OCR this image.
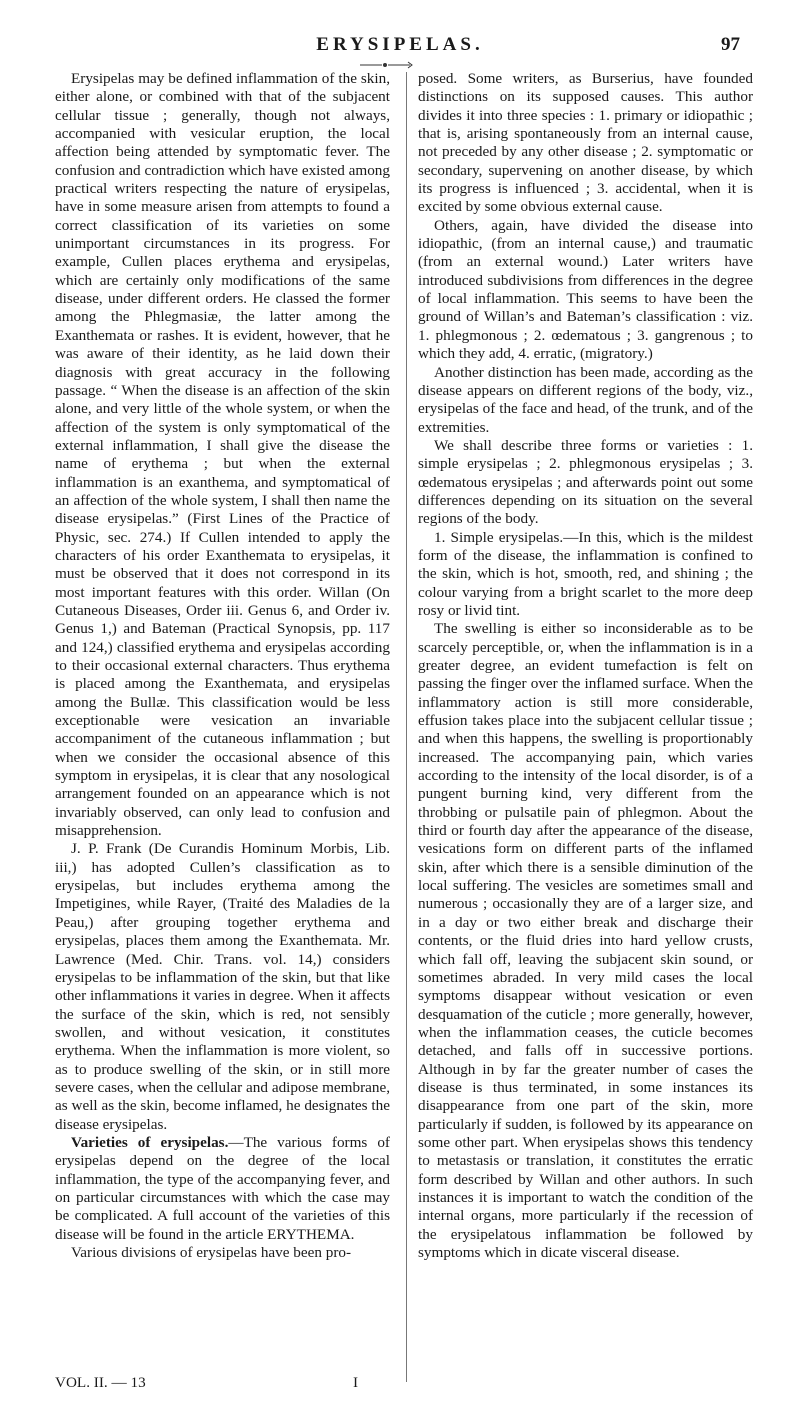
ERYSIPELAS.	97

Erysipelas may be defined inflammation of the skin, either alone, or combined with that of the subjacent cellular tissue ; generally, though not always, accompanied with vesicular eruption, the local affection being attended by symptomatic fever. The confusion and contradiction which have existed among practical writers respecting the nature of erysipelas, have in some measure arisen from attempts to found a correct classification of its varieties on some unimportant circumstances in its progress. For example, Cullen places erythema and erysipelas, which are certainly only modifications of the same disease, under different orders. He classed the former among the Phlegmasiæ, the latter among the Exanthemata or rashes. It is evident, however, that he was aware of their identity, as he laid down their diagnosis with great accuracy in the following passage. “ When the disease is an affection of the skin alone, and very little of the whole system, or when the affection of the system is only symptomatical of the external inflammation, I shall give the disease the name of erythema ; but when the external inflammation is an exanthema, and symptomatical of an affection of the whole system, I shall then name the disease erysipelas.” (First Lines of the Practice of Physic, sec. 274.) If Cullen intended to apply the characters of his order Exanthemata to erysipelas, it must be observed that it does not correspond in its most important features with this order. Willan (On Cutaneous Diseases, Order iii. Genus 6, and Order iv. Genus 1,) and Bateman (Practical Synopsis, pp. 117 and 124,) classified erythema and erysipelas according to their occasional external characters. Thus erythema is placed among the Exanthemata, and erysipelas among the Bullæ. This classification would be less exceptionable were vesication an invariable accompaniment of the cutaneous inflammation ; but when we consider the occasional absence of this symptom in erysipelas, it is clear that any nosological arrangement founded on an appearance which is not invariably observed, can only lead to confusion and misapprehension.

J. P. Frank (De Curandis Hominum Morbis, Lib. iii,) has adopted Cullen’s classification as to erysipelas, but includes erythema among the Impetigines, while Rayer, (Traité des Maladies de la Peau,) after grouping together erythema and erysipelas, places them among the Exanthemata. Mr. Lawrence (Med. Chir. Trans. vol. 14,) considers erysipelas to be inflammation of the skin, but that like other inflammations it varies in degree. When it affects the surface of the skin, which is red, not sensibly swollen, and without vesication, it constitutes erythema. When the inflammation is more violent, so as to produce swelling of the skin, or in still more severe cases, when the cellular and adipose membrane, as well as the skin, become inflamed, he designates the disease erysipelas.

Varieties of erysipelas.—The various forms of erysipelas depend on the degree of the local inflammation, the type of the accompanying fever, and on particular circumstances with which the case may be complicated. A full account of the varieties of this disease will be found in the article ERYTHEMA.

Various divisions of erysipelas have been pro-

posed. Some writers, as Burserius, have founded distinctions on its supposed causes. This author divides it into three species : 1. primary or idiopathic ; that is, arising spontaneously from an internal cause, not preceded by any other disease ; 2. symptomatic or secondary, supervening on another disease, by which its progress is influenced ; 3. accidental, when it is excited by some obvious external cause.

Others, again, have divided the disease into idiopathic, (from an internal cause,) and traumatic (from an external wound.) Later writers have introduced subdivisions from differences in the degree of local inflammation. This seems to have been the ground of Willan’s and Bateman’s classification : viz. 1. phlegmonous ; 2. œdematous ; 3. gangrenous ; to which they add, 4. erratic, (migratory.)

Another distinction has been made, according as the disease appears on different regions of the body, viz., erysipelas of the face and head, of the trunk, and of the extremities.

We shall describe three forms or varieties : 1. simple erysipelas ; 2. phlegmonous erysipelas ; 3. œdematous erysipelas ; and afterwards point out some differences depending on its situation on the several regions of the body.

1. Simple erysipelas.—In this, which is the mildest form of the disease, the inflammation is confined to the skin, which is hot, smooth, red, and shining ; the colour varying from a bright scarlet to the more deep rosy or livid tint.

The swelling is either so inconsiderable as to be scarcely perceptible, or, when the inflammation is in a greater degree, an evident tumefaction is felt on passing the finger over the inflamed surface. When the inflammatory action is still more considerable, effusion takes place into the subjacent cellular tissue ; and when this happens, the swelling is proportionably increased. The accompanying pain, which varies according to the intensity of the local disorder, is of a pungent burning kind, very different from the throbbing or pulsatile pain of phlegmon. About the third or fourth day after the appearance of the disease, vesications form on different parts of the inflamed skin, after which there is a sensible diminution of the local suffering. The vesicles are sometimes small and numerous ; occasionally they are of a larger size, and in a day or two either break and discharge their contents, or the fluid dries into hard yellow crusts, which fall off, leaving the subjacent skin sound, or sometimes abraded. In very mild cases the local symptoms disappear without vesication or even desquamation of the cuticle ; more generally, however, when the inflammation ceases, the cuticle becomes detached, and falls off in successive portions. Although in by far the greater number of cases the disease is thus terminated, in some instances its disappearance from one part of the skin, more particularly if sudden, is followed by its appearance on some other part. When erysipelas shows this tendency to metastasis or translation, it constitutes the erratic form described by Willan and other authors. In such instances it is important to watch the condition of the internal organs, more particularly if the recession of the erysipelatous inflammation be followed by symptoms which in dicate visceral disease.

VOL. II. — 13	I
